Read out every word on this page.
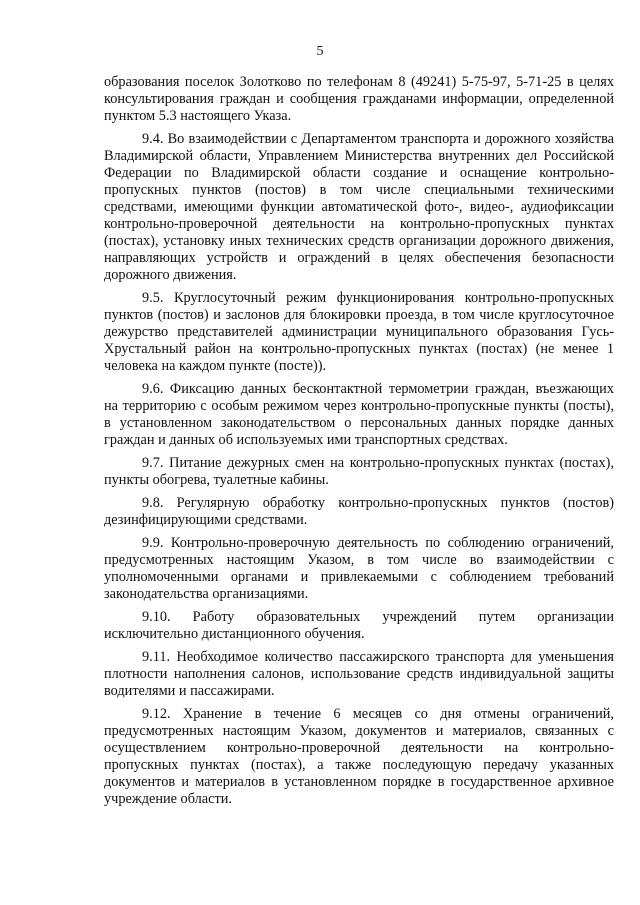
5

образования поселок Золотково по телефонам 8 (49241) 5-75-97, 5-71-25 в целях консультирования граждан и сообщения гражданами информации, определенной пунктом 5.3 настоящего Указа.

9.4. Во взаимодействии с Департаментом транспорта и дорожного хозяйства Владимирской области, Управлением Министерства внутренних дел Российской Федерации по Владимирской области создание и оснащение контрольно-пропускных пунктов (постов) в том числе специальными техническими средствами, имеющими функции автоматической фото-, видео-, аудиофиксации контрольно-проверочной деятельности на контрольно-пропускных пунктах (постах), установку иных технических средств организации дорожного движения, направляющих устройств и ограждений в целях обеспечения безопасности дорожного движения.

9.5. Круглосуточный режим функционирования контрольно-пропускных пунктов (постов) и заслонов для блокировки проезда, в том числе круглосуточное дежурство представителей администрации муниципального образования Гусь-Хрустальный район на контрольно-пропускных пунктах (постах) (не менее 1 человека на каждом пункте (посте)).

9.6. Фиксацию данных бесконтактной термометрии граждан, въезжающих на территорию с особым режимом через контрольно-пропускные пункты (посты), в установленном законодательством о персональных данных порядке данных граждан и данных об используемых ими транспортных средствах.

9.7. Питание дежурных смен на контрольно-пропускных пунктах (постах), пункты обогрева, туалетные кабины.

9.8. Регулярную обработку контрольно-пропускных пунктов (постов) дезинфицирующими средствами.

9.9. Контрольно-проверочную деятельность по соблюдению ограничений, предусмотренных настоящим Указом, в том числе во взаимодействии с уполномоченными органами и привлекаемыми с соблюдением требований законодательства организациями.

9.10. Работу образовательных учреждений путем организации исключительно дистанционного обучения.

9.11. Необходимое количество пассажирского транспорта для уменьшения плотности наполнения салонов, использование средств индивидуальной защиты водителями и пассажирами.

9.12. Хранение в течение 6 месяцев со дня отмены ограничений, предусмотренных настоящим Указом, документов и материалов, связанных с осуществлением контрольно-проверочной деятельности на контрольно-пропускных пунктах (постах), а также последующую передачу указанных документов и материалов в установленном порядке в государственное архивное учреждение области.
